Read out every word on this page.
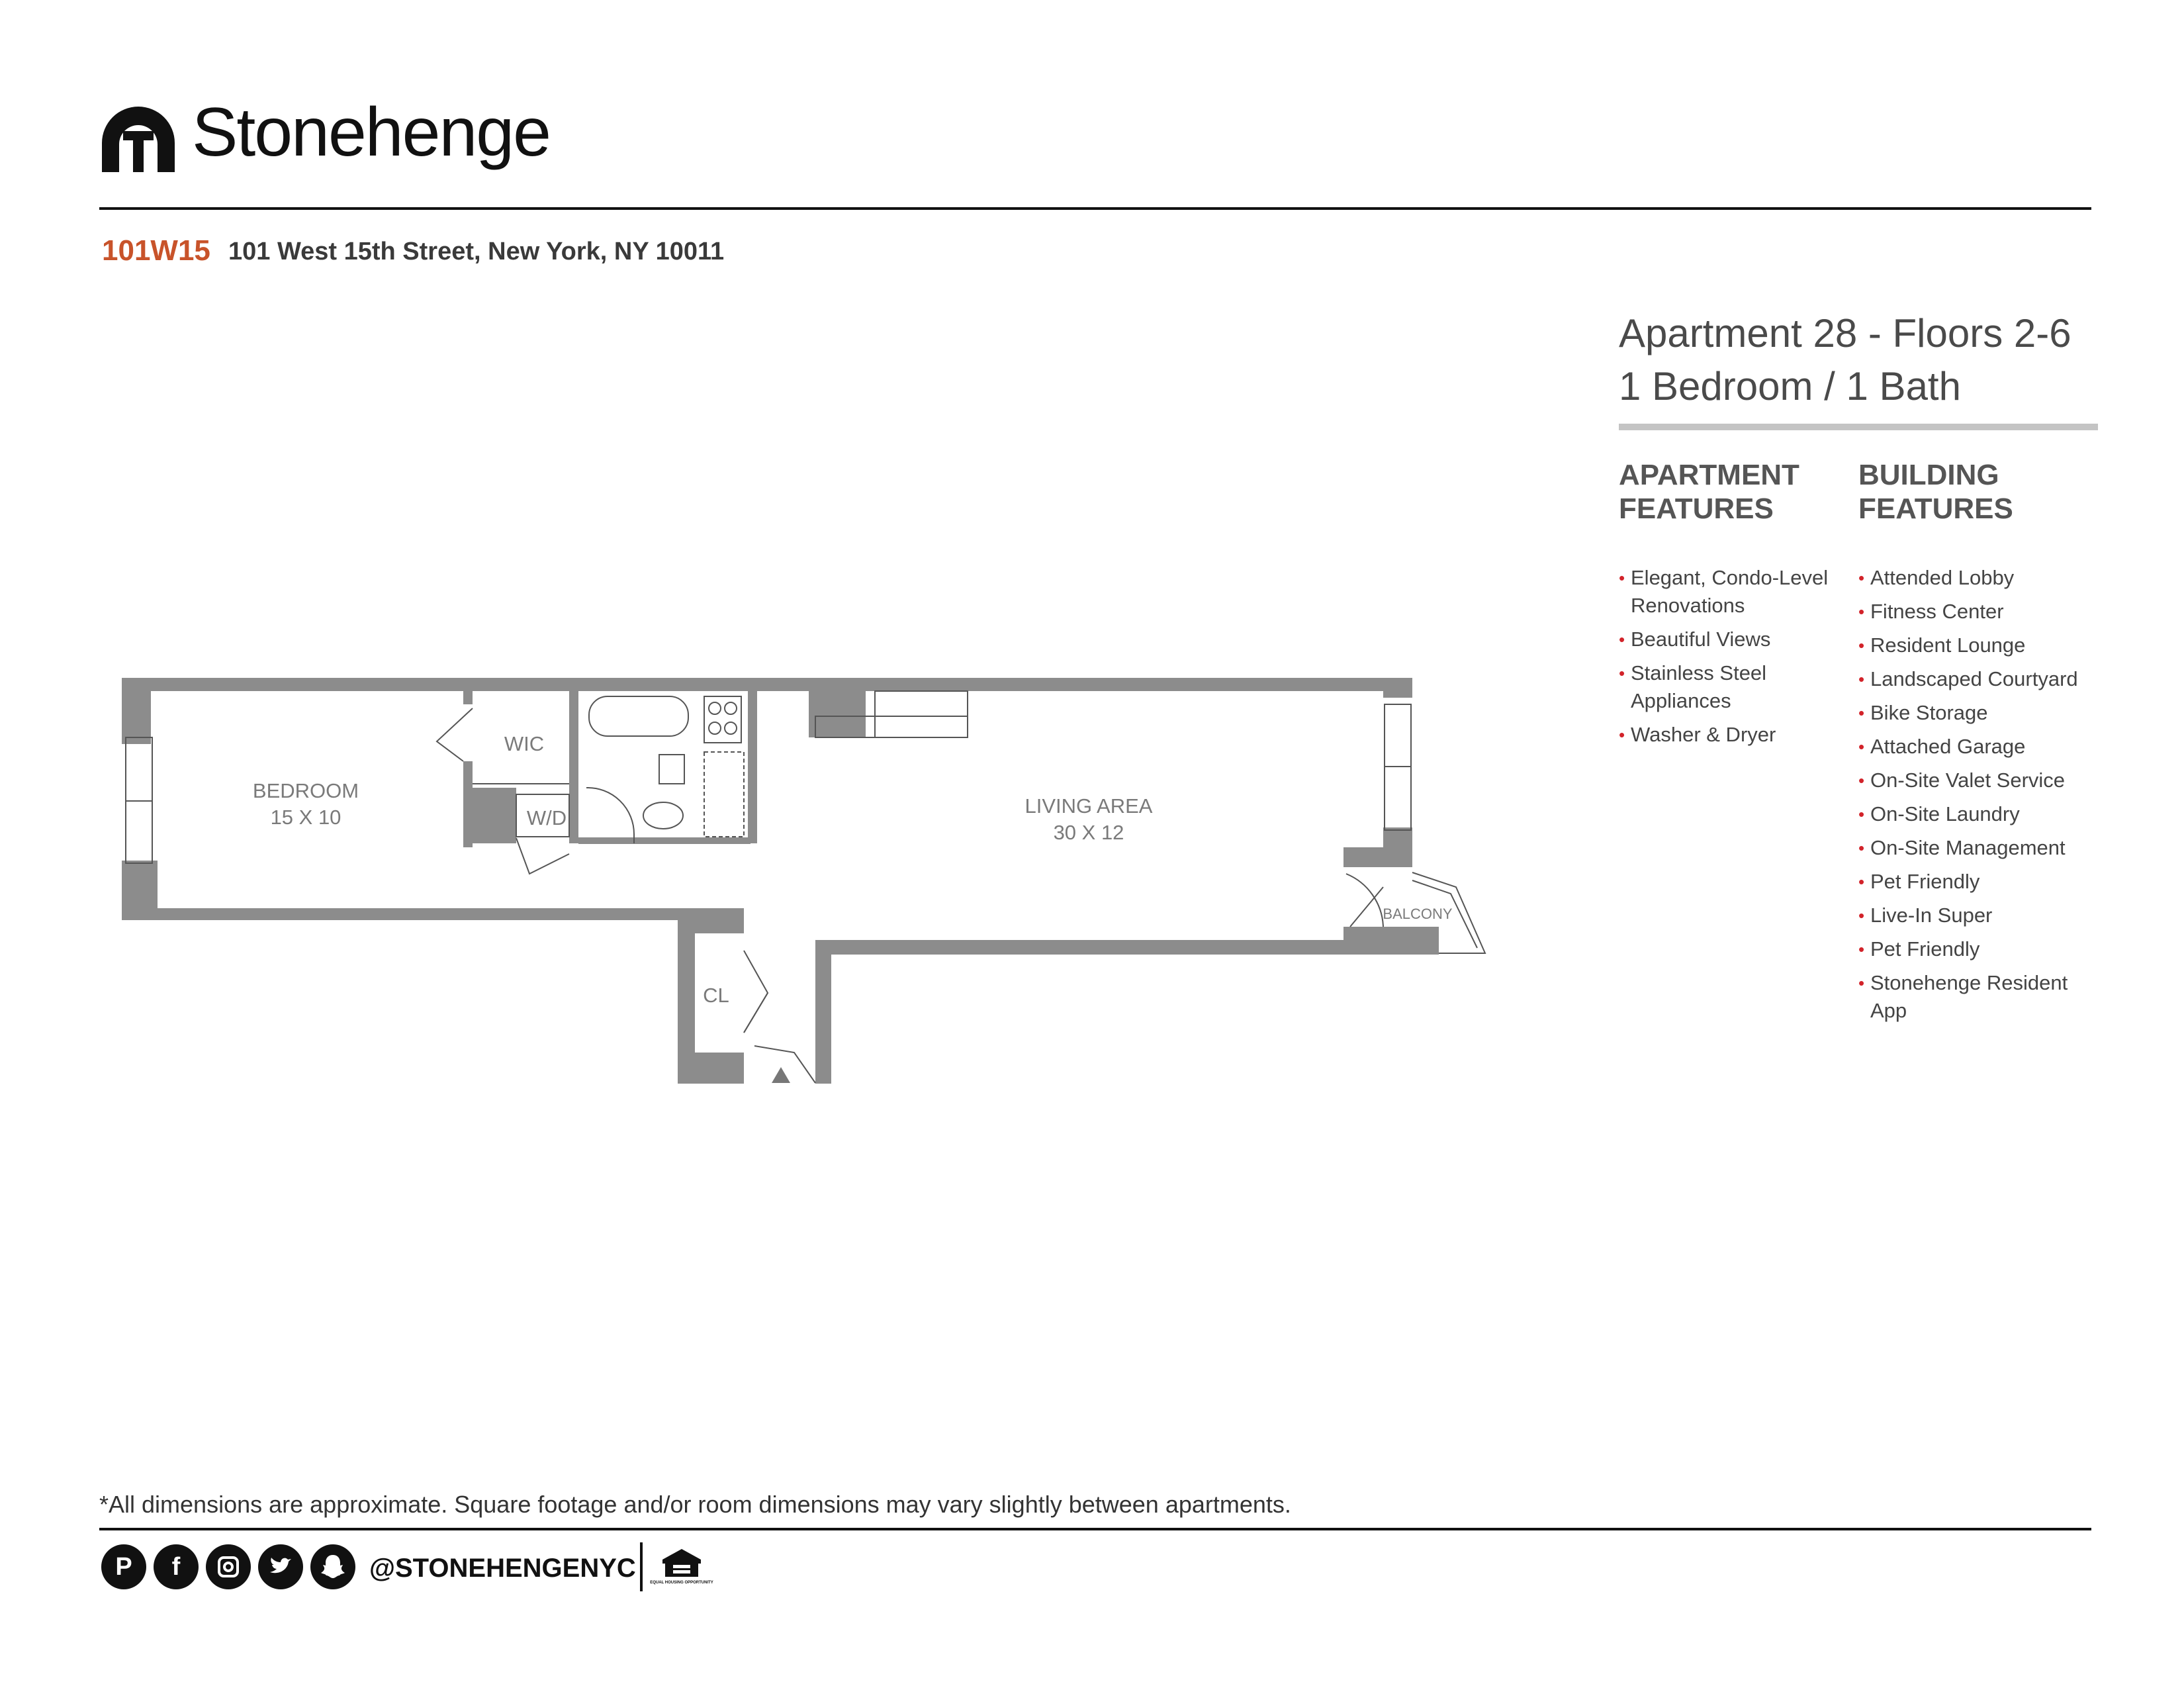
Stonehenge
101W15 101 West 15th Street, New York, NY 10011
Apartment 28 - Floors 2-6
1 Bedroom / 1 Bath
APARTMENT FEATURES
BUILDING FEATURES
• Elegant, Condo-Level Renovations
• Beautiful Views
• Stainless Steel Appliances
• Washer & Dryer
• Attended Lobby
• Fitness Center
• Resident Lounge
• Landscaped Courtyard
• Bike Storage
• Attached Garage
• On-Site Valet Service
• On-Site Laundry
• On-Site Management
• Pet Friendly
• Live-In Super
• Pet Friendly
• Stonehenge Resident App
BEDROOM
15 X 10	LIVING AREA
30 X 12
WIC
W/D
CL
BALCONY
*All dimensions are approximate. Square footage and/or room dimensions may vary slightly between apartments.
P	f	@STONEHENGENYC	EQUAL HOUSING OPPORTUNITY
